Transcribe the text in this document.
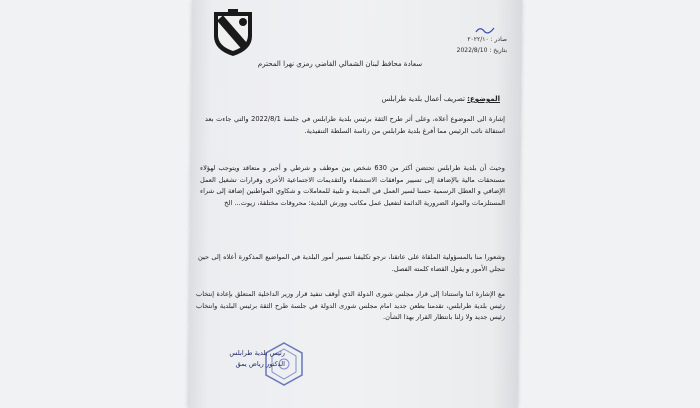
صادر : ٢٠٢٢/١٠
بتاريخ : 2022/8/10
سعادة محافظ لبنان الشمالي القاضي رمزي نهرا المحترم
الموضوع: تصريف أعمال بلدية طرابلس
إشارة الى الموضوع أعلاه، وعلى أثر طرح الثقة برئيس بلدية طرابلس في جلسة 2022/8/1 والتي جاءت بعد استقالة نائب الرئيس مما أفرغ بلدية طرابلس من رئاسة السلطة التنفيذية.
وحيث أن بلدية طرابلس تحتضن أكثر من 630 شخص بين موظف و شرطي و أجير و متعاقد ويتوجب لهؤلاء مستحقات مالية بالإضافة إلى تسيير موافقات الاستشفاء والتقديمات الاجتماعية الأخرى وقرارات تشغيل العمل الإضافي و العطل الرسمية حسنا لسير العمل في المدينة و تلبية للمعاملات و شكاوي المواطنين إضافة إلى شراء المستلزمات والمواد الضرورية الدائمة لتفعيل عمل مكاتب وورش البلدية: محروقات مختلفة، زيوت... الخ
وشعورا منا بالمسؤولية الملقاة على عاتقنا، نرجو تكليفنا تسيير أمور البلدية في المواضيع المذكورة أعلاه إلى حين تنجلي الأمور و يقول القضاء كلمته الفصل.
مع الإشارة اننا واستنادا إلى قرار مجلس شورى الدولة الذي أوقف تنفيذ قرار وزير الداخلية المتعلق بإعادة إنتخاب رئيس بلدية طرابلس، تقدمنا بطعن جديد امام مجلس شورى الدولة في جلسة طرح الثقة برئيس البلدية وانتخاب رئيس جديد ولا زلنا بانتظار القرار بهذا الشأن.
رئيس بلدية طرابلس
الدكتور رياض يمق
